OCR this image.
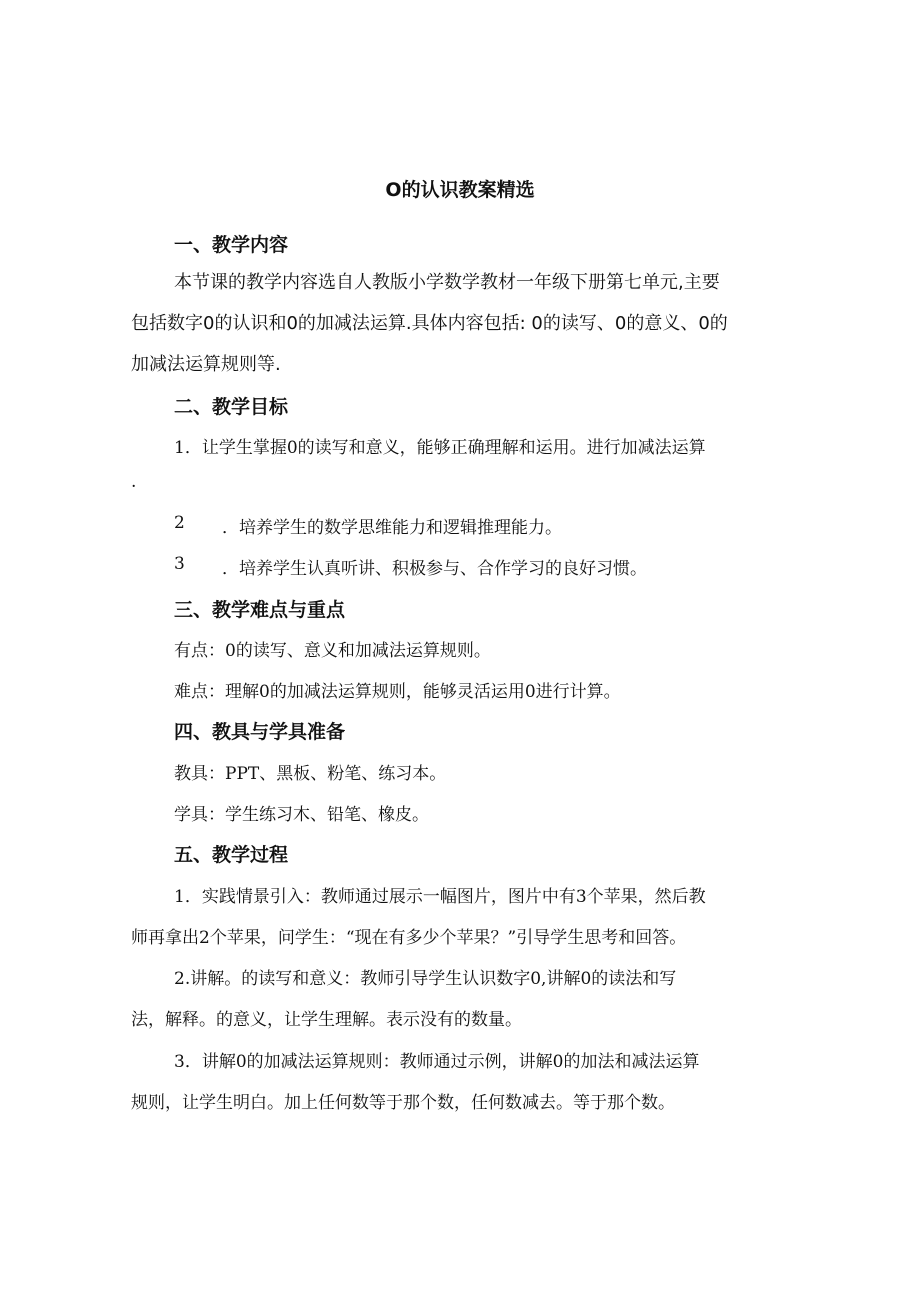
O的认识教案精选
一、教学内容
本节课的教学内容选自人教版小学数学教材一年级下册第七单元,主要
包括数字0的认识和0的加减法运算.具体内容包括: 0的读写、0的意义、0的
加减法运算规则等.
二、教学目标
1．让学生掌握0的读写和意义，能够正确理解和运用。进行加减法运算
.
2 ．培养学生的数学思维能力和逻辑推理能力。
3 ．培养学生认真听讲、积极参与、合作学习的良好习惯。
三、教学难点与重点
有点：0的读写、意义和加减法运算规则。
难点：理解0的加减法运算规则，能够灵活运用0进行计算。
四、教具与学具准备
教具：PPT、黑板、粉笔、练习本。
学具：学生练习木、铅笔、橡皮。
五、教学过程
1．实践情景引入：教师通过展示一幅图片，图片中有3个苹果，然后教
师再拿出2个苹果，问学生：“现在有多少个苹果？”引导学生思考和回答。
2.讲解。的读写和意义：教师引导学生认识数字0,讲解0的读法和写
法，解释。的意义，让学生理解。表示没有的数量。
3．讲解0的加减法运算规则：教师通过示例，讲解0的加法和减法运算
规则，让学生明白。加上任何数等于那个数，任何数减去。等于那个数。
